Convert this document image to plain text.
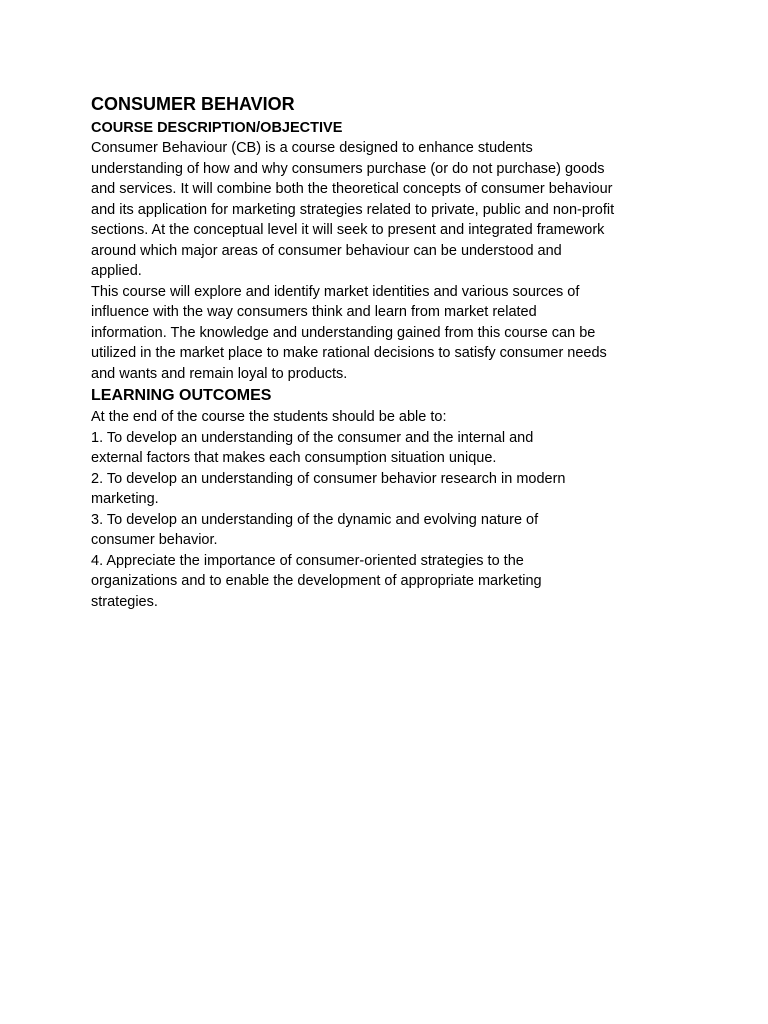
CONSUMER BEHAVIOR
COURSE DESCRIPTION/OBJECTIVE
Consumer Behaviour (CB) is a course designed to enhance students
understanding of how and why consumers purchase (or do not purchase) goods
and services. It will combine both the theoretical concepts of consumer behaviour
and its application for marketing strategies related to private, public and non-profit
sections. At the conceptual level it will seek to present and integrated framework
around which major areas of consumer behaviour can be understood and
applied.
This course will explore and identify market identities and various sources of
influence with the way consumers think and learn from market related
information. The knowledge and understanding gained from this course can be
utilized in the market place to make rational decisions to satisfy consumer needs
and wants and remain loyal to products.
LEARNING OUTCOMES
At the end of the course the students should be able to:
1. To develop an understanding of the consumer and the internal and
external factors that makes each consumption situation unique.
2. To develop an understanding of consumer behavior research in modern
marketing.
3. To develop an understanding of the dynamic and evolving nature of
consumer behavior.
4. Appreciate the importance of consumer-oriented strategies to the
organizations and to enable the development of appropriate marketing
strategies.
